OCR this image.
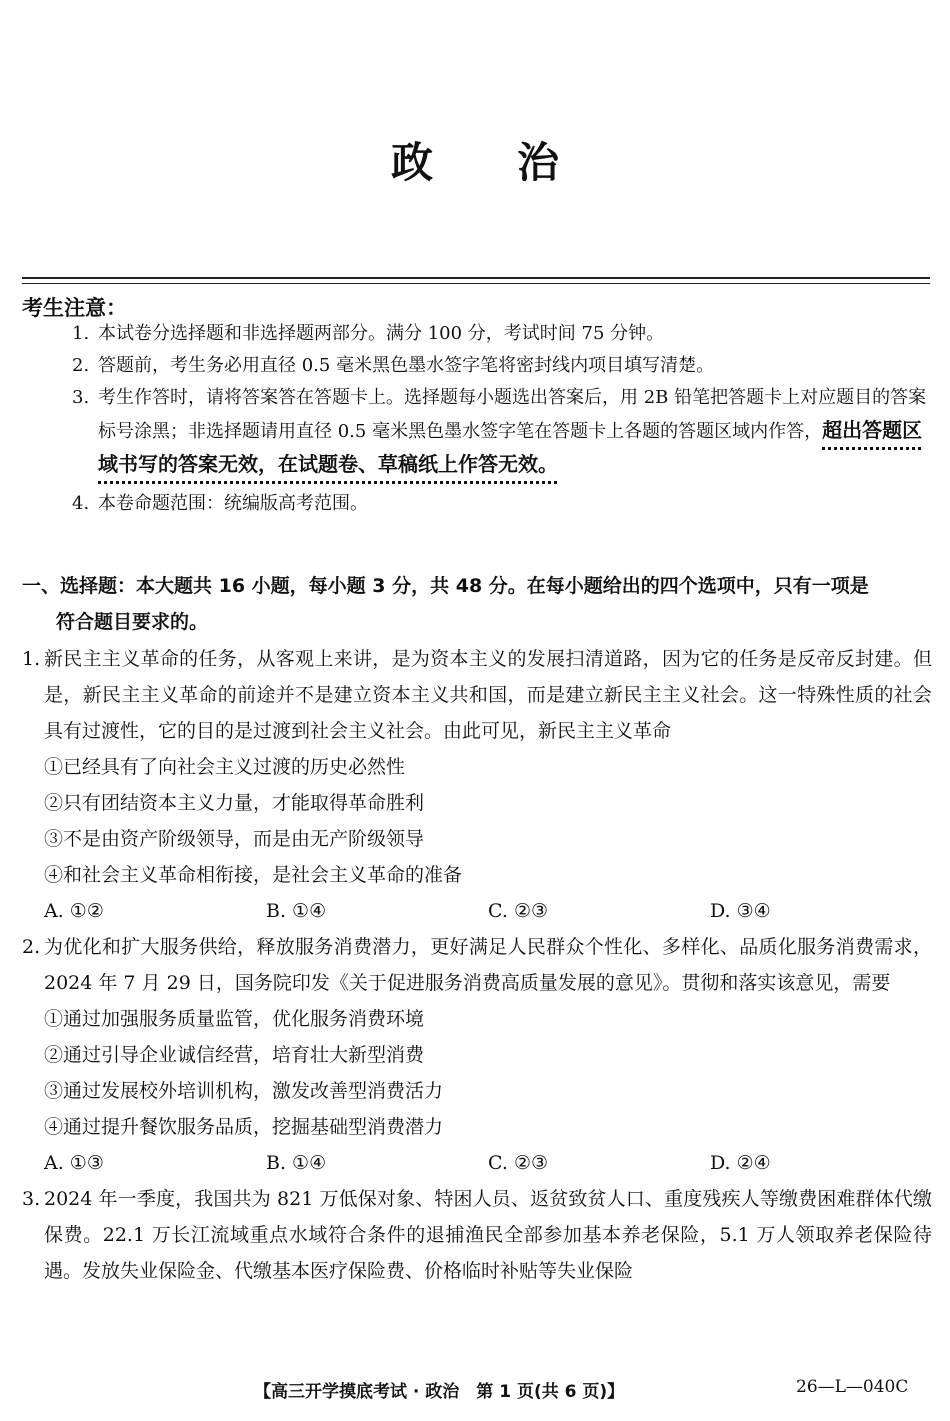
政 治
考生注意：
1. 本试卷分选择题和非选择题两部分。满分 100 分，考试时间 75 分钟。
2. 答题前，考生务必用直径 0.5 毫米黑色墨水签字笔将密封线内项目填写清楚。
3. 考生作答时，请将答案答在答题卡上。选择题每小题选出答案后，用 2B 铅笔把答题卡上对应题目的答案标号涂黑；非选择题请用直径 0.5 毫米黑色墨水签字笔在答题卡上各题的答题区域内作答，超出答题区域书写的答案无效，在试题卷、草稿纸上作答无效。
4. 本卷命题范围：统编版高考范围。
一、选择题：本大题共 16 小题，每小题 3 分，共 48 分。在每小题给出的四个选项中，只有一项是
符合题目要求的。
1. 新民主主义革命的任务，从客观上来讲，是为资本主义的发展扫清道路，因为它的任务是反帝反封建。但是，新民主主义革命的前途并不是建立资本主义共和国，而是建立新民主主义社会。这一特殊性质的社会具有过渡性，它的目的是过渡到社会主义社会。由此可见，新民主主义革命
①已经具有了向社会主义过渡的历史必然性
②只有团结资本主义力量，才能取得革命胜利
③不是由资产阶级领导，而是由无产阶级领导
④和社会主义革命相衔接，是社会主义革命的准备
A. ①②	B. ①④	C. ②③	D. ③④
2. 为优化和扩大服务供给，释放服务消费潜力，更好满足人民群众个性化、多样化、品质化服务消费需求，2024 年 7 月 29 日，国务院印发《关于促进服务消费高质量发展的意见》。贯彻和落实该意见，需要
①通过加强服务质量监管，优化服务消费环境
②通过引导企业诚信经营，培育壮大新型消费
③通过发展校外培训机构，激发改善型消费活力
④通过提升餐饮服务品质，挖掘基础型消费潜力
A. ①③	B. ①④	C. ②③	D. ②④
3. 2024 年一季度，我国共为 821 万低保对象、特困人员、返贫致贫人口、重度残疾人等缴费困难群体代缴保费。22.1 万长江流域重点水域符合条件的退捕渔民全部参加基本养老保险，5.1 万人领取养老保险待遇。发放失业保险金、代缴基本医疗保险费、价格临时补贴等失业保险
【高三开学摸底考试 · 政治　第 1 页(共 6 页)】	26—L—040C
